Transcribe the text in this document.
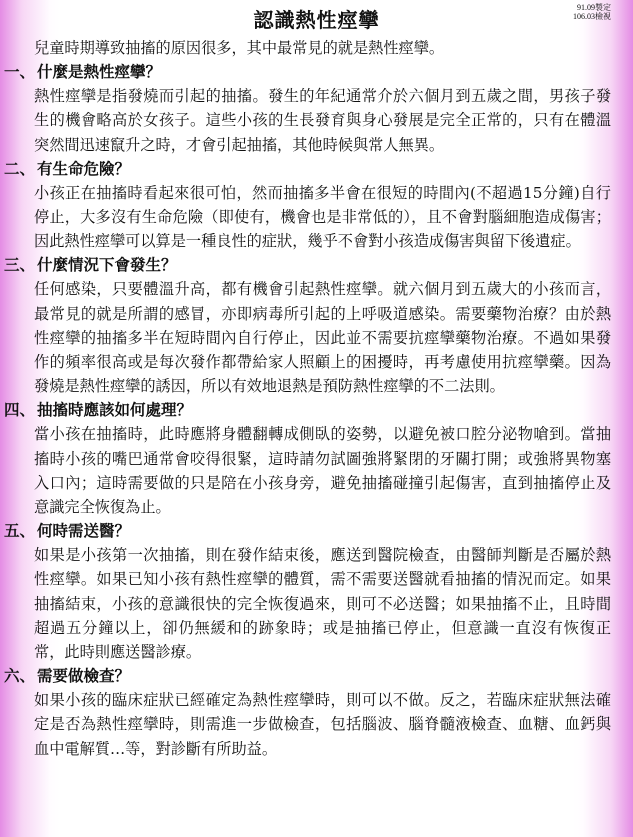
認識熱性痙攣
91.09製定
106.03檢視

兒童時期導致抽搐的原因很多，其中最常見的就是熱性痙攣。

一、 什麼是熱性痙攣？

熱性痙攣是指發燒而引起的抽搐。發生的年紀通常介於六個月到五歲之間，男孩子發生的機會略高於女孩子。這些小孩的生長發育與身心發展是完全正常的，只有在體溫突然間迅速竄升之時，才會引起抽搐，其他時候與常人無異。

二、 有生命危險？

小孩正在抽搐時看起來很可怕，然而抽搐多半會在很短的時間內(不超過15分鐘)自行停止，大多沒有生命危險（即使有，機會也是非常低的），且不會對腦細胞造成傷害；因此熱性痙攣可以算是一種良性的症狀，幾乎不會對小孩造成傷害與留下後遺症。

三、 什麼情況下會發生？

任何感染，只要體溫升高，都有機會引起熱性痙攣。就六個月到五歲大的小孩而言，最常見的就是所謂的感冒，亦即病毒所引起的上呼吸道感染。需要藥物治療？由於熱性痙攣的抽搐多半在短時間內自行停止，因此並不需要抗痙攣藥物治療。不過如果發作的頻率很高或是每次發作都帶給家人照顧上的困擾時，再考慮使用抗痙攣藥。因為發燒是熱性痙攣的誘因，所以有效地退熱是預防熱性痙攣的不二法則。

四、 抽搐時應該如何處理？

當小孩在抽搐時，此時應將身體翻轉成側臥的姿勢，以避免被口腔分泌物嗆到。當抽搐時小孩的嘴巴通常會咬得很緊，這時請勿試圖強將緊閉的牙關打開；或強將異物塞入口內；這時需要做的只是陪在小孩身旁，避免抽搐碰撞引起傷害，直到抽搐停止及意識完全恢復為止。

五、 何時需送醫？

如果是小孩第一次抽搐，則在發作結束後，應送到醫院檢查，由醫師判斷是否屬於熱性痙攣。如果已知小孩有熱性痙攣的體質，需不需要送醫就看抽搐的情況而定。如果抽搐結束，小孩的意識很快的完全恢復過來，則可不必送醫；如果抽搐不止，且時間超過五分鐘以上，卻仍無緩和的跡象時；或是抽搐已停止，但意識一直沒有恢復正常，此時則應送醫診療。

六、 需要做檢查？

如果小孩的臨床症狀已經確定為熱性痙攣時，則可以不做。反之，若臨床症狀無法確定是否為熱性痙攣時，則需進一步做檢查，包括腦波、腦脊髓液檢查、血糖、血鈣與血中電解質…等，對診斷有所助益。
